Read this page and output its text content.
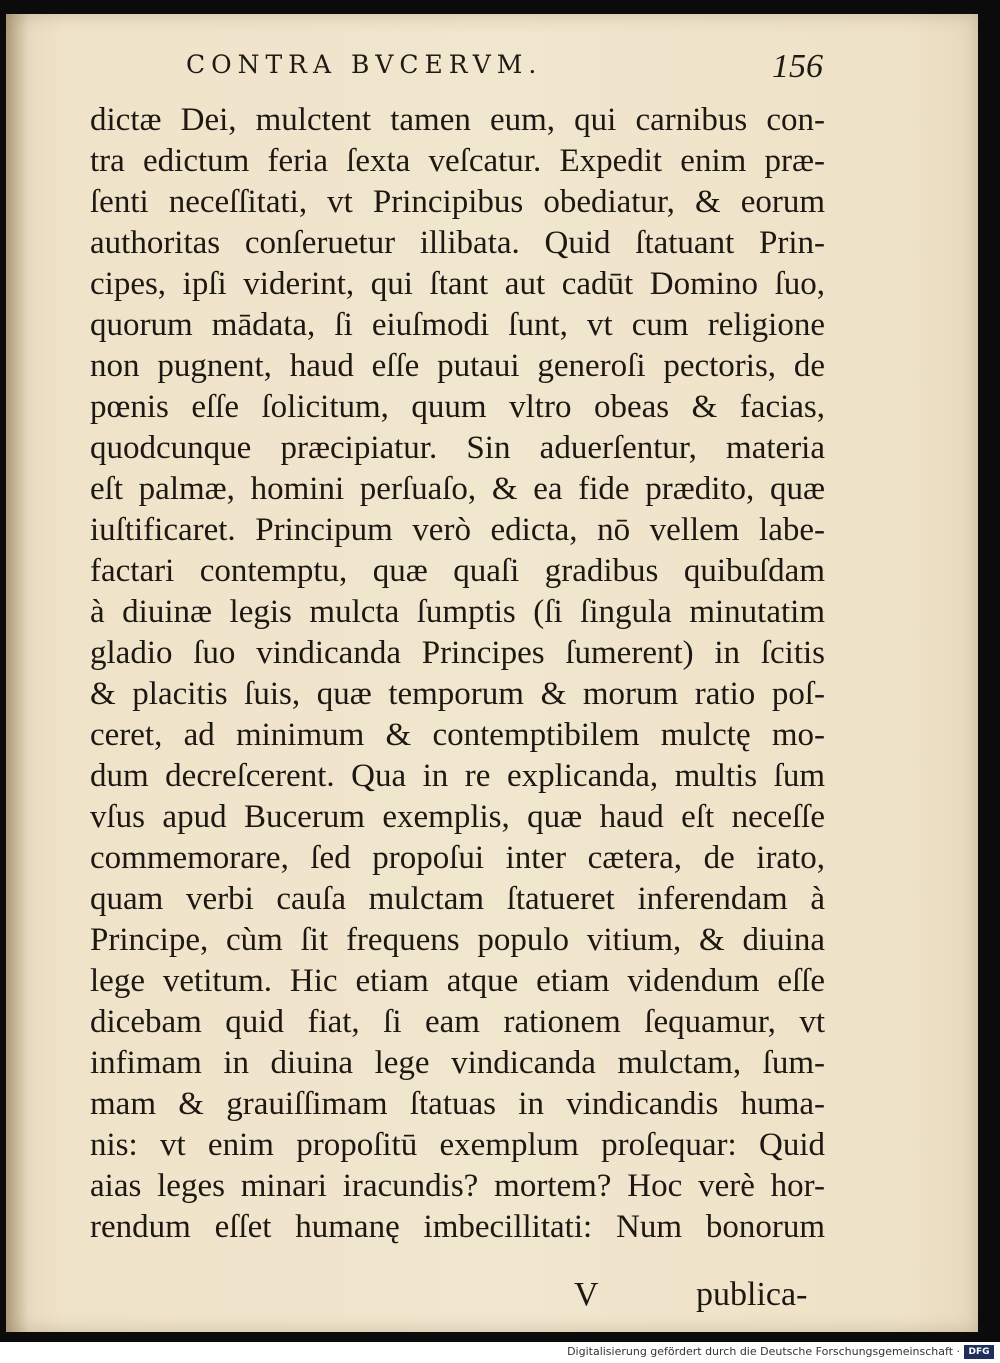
CONTRA BVCERVM.	156
dictæ Dei, mulctent tamen eum, qui carnibus con-
tra edictum feria ſexta veſcatur. Expedit enim præ-
ſenti neceſſitati, vt Principibus obediatur, & eorum
authoritas conſeruetur illibata. Quid ſtatuant Prin-
cipes, ipſi viderint, qui ſtant aut cadūt Domino ſuo,
quorum mādata, ſi eiuſmodi ſunt, vt cum religione
non pugnent, haud eſſe putaui generoſi pectoris, de
pœnis eſſe ſolicitum, quum vltro obeas & facias,
quodcunque præcipiatur. Sin aduerſentur, materia
eſt palmæ, homini perſuaſo, & ea fide prædito, quæ
iuſtificaret. Principum verò edicta, nō vellem labe-
factari contemptu, quæ quaſi gradibus quibuſdam
à diuinæ legis mulcta ſumptis (ſi ſingula minutatim
gladio ſuo vindicanda Principes ſumerent) in ſcitis
& placitis ſuis, quæ temporum & morum ratio poſ-
ceret, ad minimum & contemptibilem mulctę mo-
dum decreſcerent. Qua in re explicanda, multis ſum
vſus apud Bucerum exemplis, quæ haud eſt neceſſe
commemorare, ſed propoſui inter cætera, de irato,
quam verbi cauſa mulctam ſtatueret inferendam à
Principe, cùm ſit frequens populo vitium, & diuina
lege vetitum. Hic etiam atque etiam videndum eſſe
dicebam quid fiat, ſi eam rationem ſequamur, vt
infimam in diuina lege vindicanda mulctam, ſum-
mam & grauiſſimam ſtatuas in vindicandis huma-
nis: vt enim propoſitū exemplum proſequar: Quid
aias leges minari iracundis? mortem? Hoc verè hor-
rendum eſſet humanę imbecillitati: Num bonorum
V	publica-
Digitalisierung gefördert durch die Deutsche Forschungsgemeinschaft · DFG
